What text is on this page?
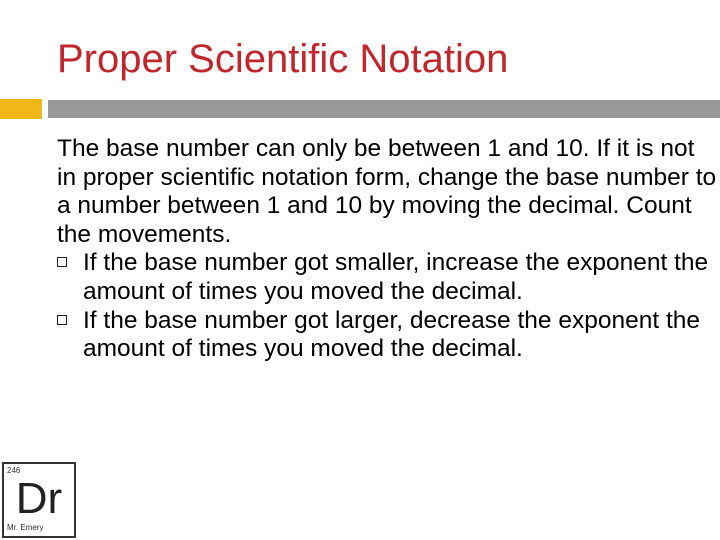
Proper Scientific Notation

The base number can only be between 1 and 10. If it is not in proper scientific notation form, change the base number to a number between 1 and 10 by moving the decimal. Count the movements.

If the base number got smaller, increase the exponent the amount of times you moved the decimal.
If the base number got larger, decrease the exponent the amount of times you moved the decimal.
246
Dr
Mr. Emery
